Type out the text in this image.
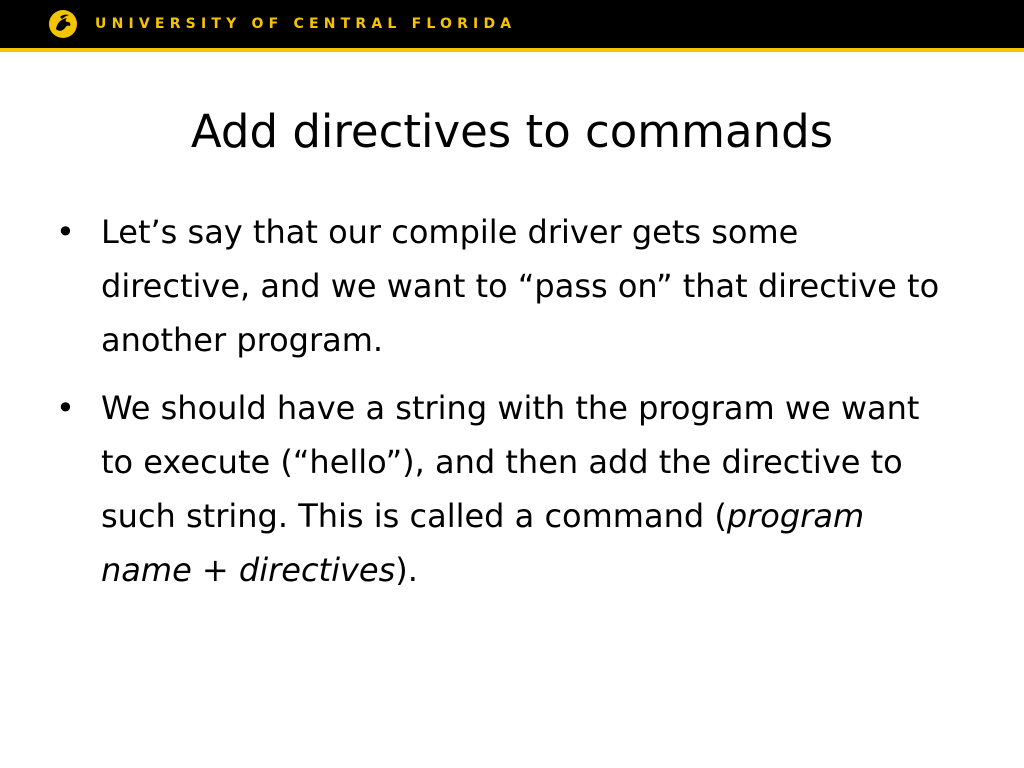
UNIVERSITY OF CENTRAL FLORIDA
Add directives to commands
• Let’s say that our compile driver gets some directive, and we want to “pass on” that directive to another program.
• We should have a string with the program we want to execute (“hello”), and then add the directive to such string. This is called a command (program name + directives).
